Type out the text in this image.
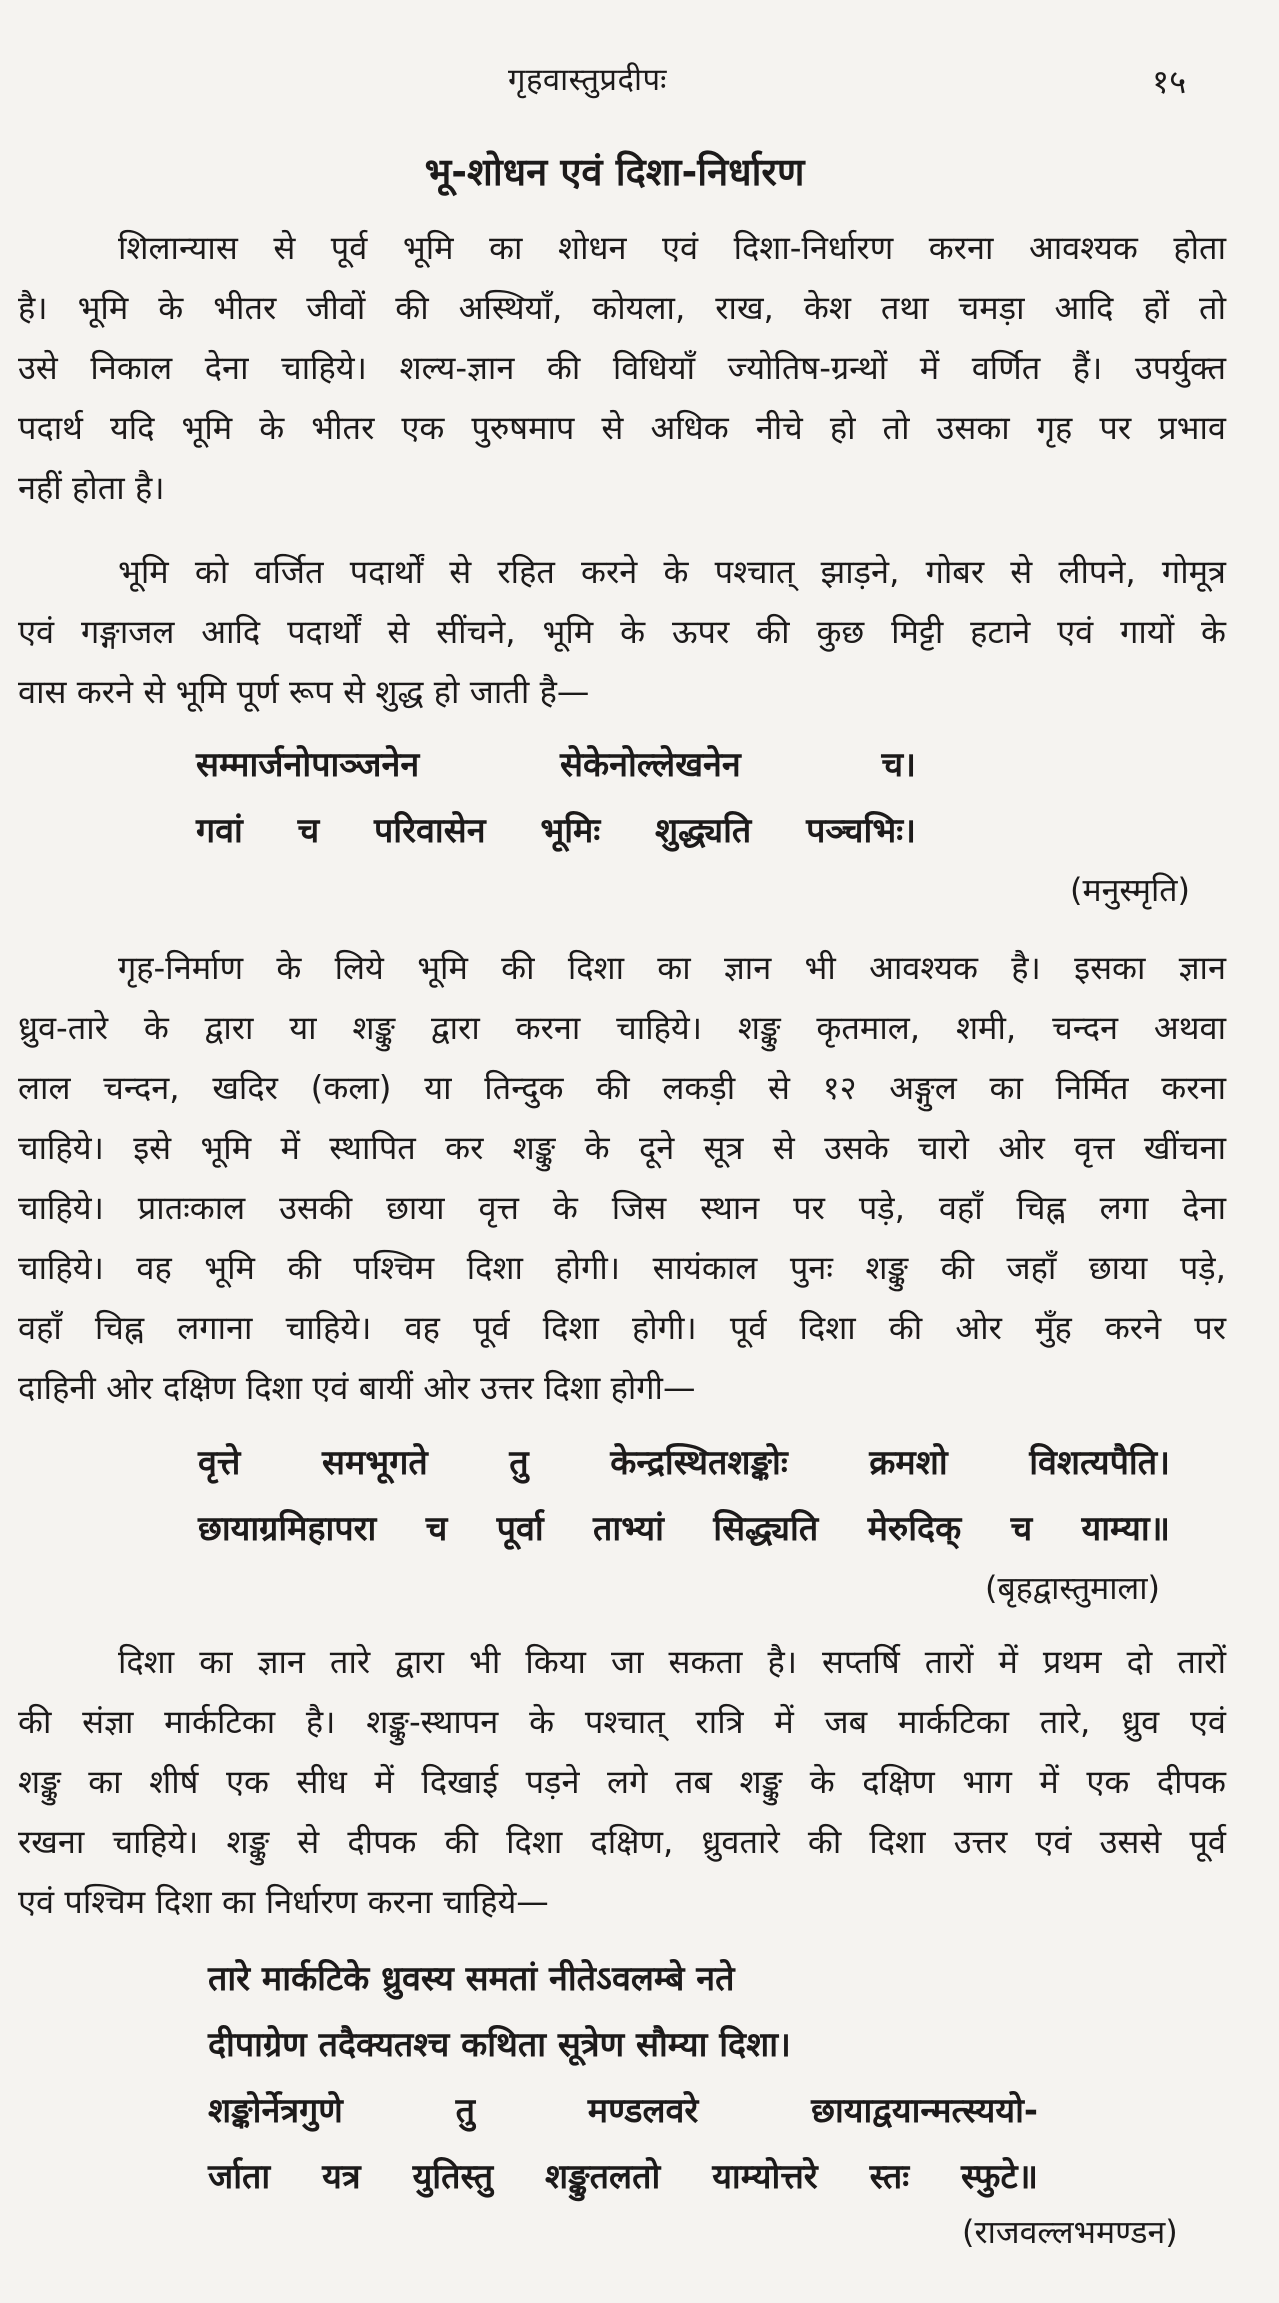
गृहवास्तुप्रदीपः	१५
भू-शोधन एवं दिशा-निर्धारण
शिलान्यास से पूर्व भूमि का शोधन एवं दिशा-निर्धारण करना आवश्यक होता
है। भूमि के भीतर जीवों की अस्थियाँ, कोयला, राख, केश तथा चमड़ा आदि हों तो
उसे निकाल देना चाहिये। शल्य-ज्ञान की विधियाँ ज्योतिष-ग्रन्थों में वर्णित हैं। उपर्युक्त
पदार्थ यदि भूमि के भीतर एक पुरुषमाप से अधिक नीचे हो तो उसका गृह पर प्रभाव
नहीं होता है।
भूमि को वर्जित पदार्थों से रहित करने के पश्चात् झाड़ने, गोबर से लीपने, गोमूत्र
एवं गङ्गाजल आदि पदार्थों से सींचने, भूमि के ऊपर की कुछ मिट्टी हटाने एवं गायों के
वास करने से भूमि पूर्ण रूप से शुद्ध हो जाती है—
सम्मार्जनोपाञ्जनेन सेकेनोल्लेखनेन च।
गवां च परिवासेन भूमिः शुद्ध्यति पञ्चभिः।
(मनुस्मृति)
गृह-निर्माण के लिये भूमि की दिशा का ज्ञान भी आवश्यक है। इसका ज्ञान
ध्रुव-तारे के द्वारा या शङ्कु द्वारा करना चाहिये। शङ्कु कृतमाल, शमी, चन्दन अथवा
लाल चन्दन, खदिर (कला) या तिन्दुक की लकड़ी से १२ अङ्गुल का निर्मित करना
चाहिये। इसे भूमि में स्थापित कर शङ्कु के दूने सूत्र से उसके चारो ओर वृत्त खींचना
चाहिये। प्रातःकाल उसकी छाया वृत्त के जिस स्थान पर पड़े, वहाँ चिह्न लगा देना
चाहिये। वह भूमि की पश्चिम दिशा होगी। सायंकाल पुनः शङ्कु की जहाँ छाया पड़े,
वहाँ चिह्न लगाना चाहिये। वह पूर्व दिशा होगी। पूर्व दिशा की ओर मुँह करने पर
दाहिनी ओर दक्षिण दिशा एवं बायीं ओर उत्तर दिशा होगी—
वृत्ते समभूगते तु केन्द्रस्थितशङ्कोः क्रमशो विशत्यपैति।
छायाग्रमिहापरा च पूर्वा ताभ्यां सिद्ध्यति मेरुदिक् च याम्या॥
(बृहद्वास्तुमाला)
दिशा का ज्ञान तारे द्वारा भी किया जा सकता है। सप्तर्षि तारों में प्रथम दो तारों
की संज्ञा मार्कटिका है। शङ्कु-स्थापन के पश्चात् रात्रि में जब मार्कटिका तारे, ध्रुव एवं
शङ्कु का शीर्ष एक सीध में दिखाई पड़ने लगे तब शङ्कु के दक्षिण भाग में एक दीपक
रखना चाहिये। शङ्कु से दीपक की दिशा दक्षिण, ध्रुवतारे की दिशा उत्तर एवं उससे पूर्व
एवं पश्चिम दिशा का निर्धारण करना चाहिये—
तारे मार्कटिके ध्रुवस्य समतां नीतेऽवलम्बे नते
दीपाग्रेण तदैक्यतश्च कथिता सूत्रेण सौम्या दिशा।
शङ्कोर्नेत्रगुणे तु मण्डलवरे छायाद्वयान्मत्स्ययो-
र्जाता यत्र युतिस्तु शङ्कुतलतो याम्योत्तरे स्तः स्फुटे॥
(राजवल्लभमण्डन)
